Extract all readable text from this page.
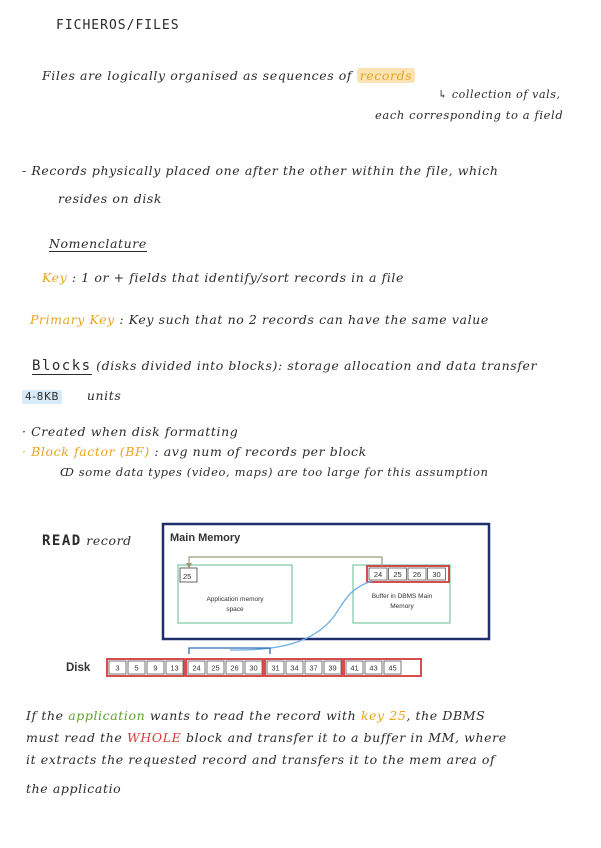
FICHEROS/FILES
Files are logically organised as sequences of records
↳ collection of vals,
each corresponding to a field
- Records physically placed one after the other within the file, which
resides on disk
Nomenclature
Key : 1 or + fields that identify/sort records in a file
Primary Key : Key such that no 2 records can have the same value
Blocks (disks divided into blocks): storage allocation and data transfer
4-8KB units
· Created when disk formatting
· Block factor (BF) : avg num of records per block
ↀ some data types (video, maps) are too large for this assumption
READ record	Main Memory
25
Application memory
space
24 25 26 30
Buffer in DBMS Main
Memory
Disk	3 5 9 13 24 25 26 30 31 34 37 39 41 43 45
If the application wants to read the record with key 25, the DBMS
must read the WHOLE block and transfer it to a buffer in MM, where
it extracts the requested record and transfers it to the mem area of
the applicatio
